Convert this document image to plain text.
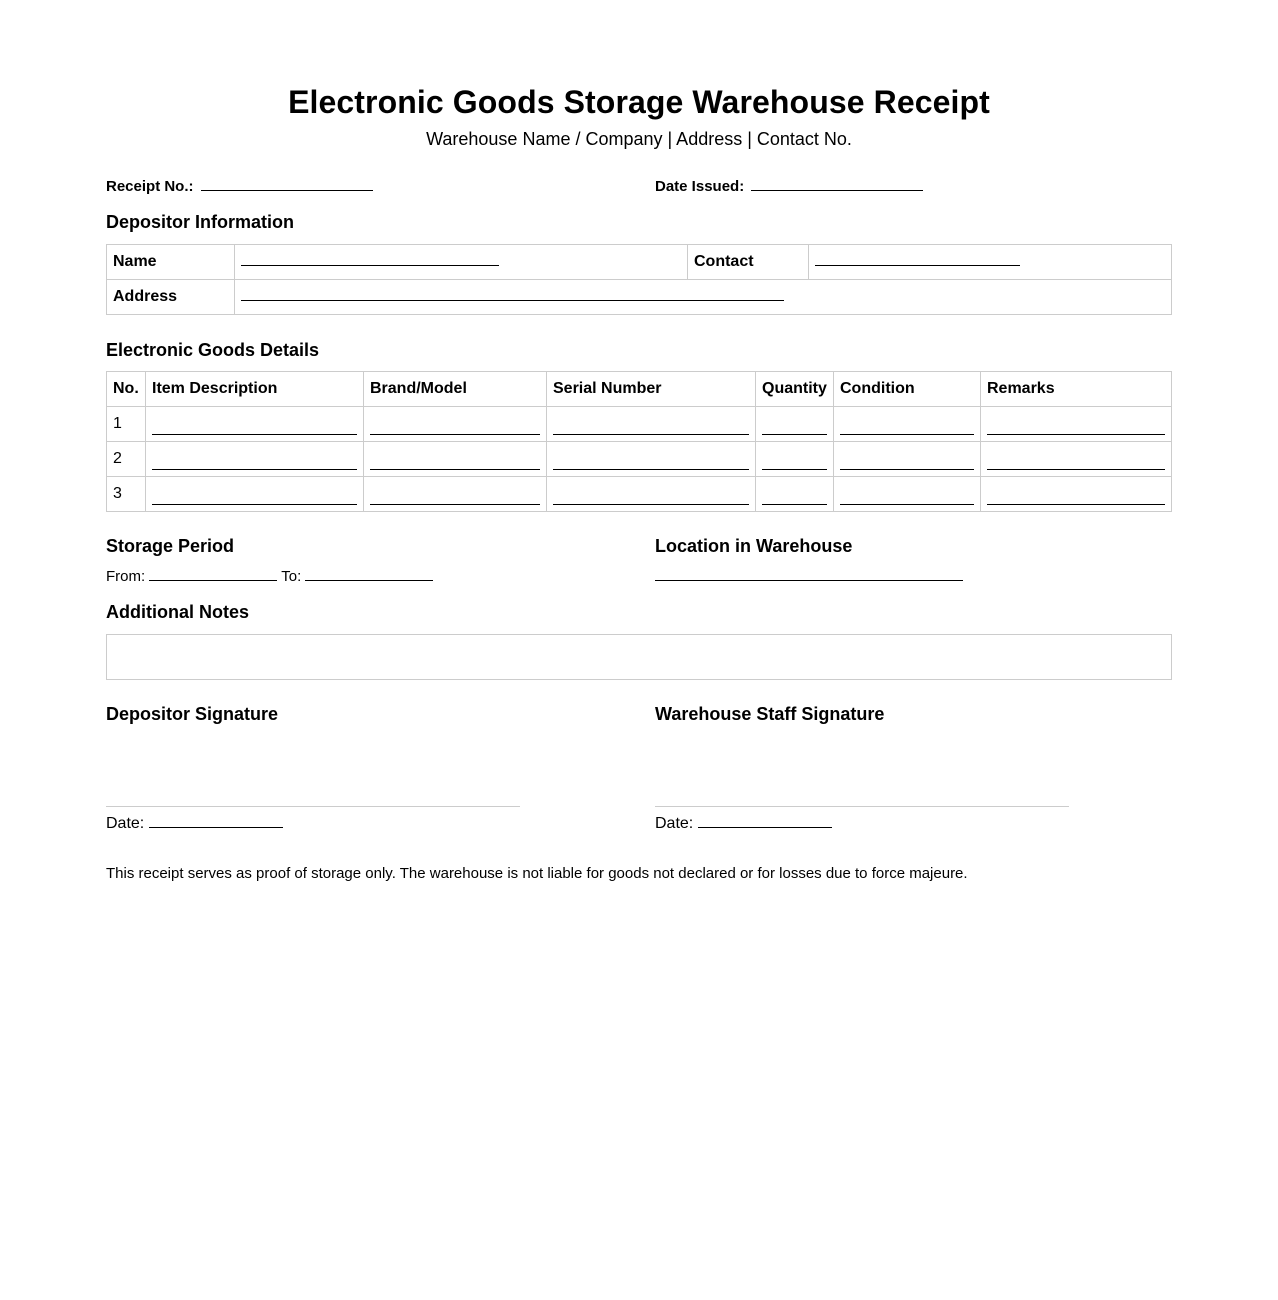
Electronic Goods Storage Warehouse Receipt
Warehouse Name / Company | Address | Contact No.
Receipt No.:	Date Issued:
Depositor Information
Name		Contact	
Address			
Electronic Goods Details
No.	Item Description	Brand/Model	Serial Number	Quantity	Condition	Remarks
1	

2	

3	

Storage Period
From:	To:
Location in Warehouse
Additional Notes
Depositor Signature	Warehouse Staff Signature
Date:	Date:
This receipt serves as proof of storage only. The warehouse is not liable for goods not declared or for losses due to force majeure.
